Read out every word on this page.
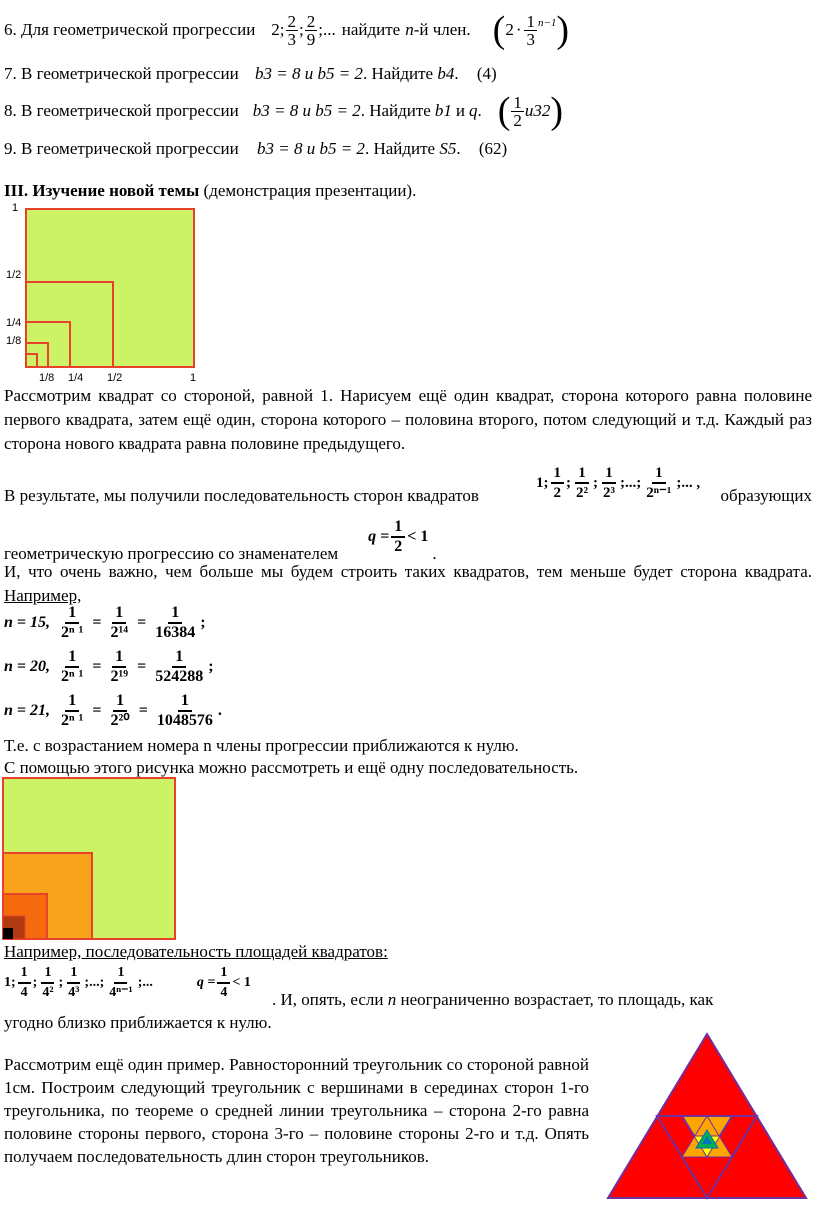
6. Для геометрической прогрессии 2; $\frac{2}{3}$ ; $\frac{2}{9}$ ;... найдите n -й член. ( $2 \cdot \frac{1}{3}^{n-1}$ )
7. В геометрической прогрессии b3 = 8 и b5 = 2. Найдите b4. (4)
8. В геометрической прогрессии b3 = 8 и b5 = 2 . Найдите b1 и q . ( $\frac{1}{2} и32$ )
9. В геометрической прогрессии b3 = 8 и b5 = 2. Найдите S5. (62)
III. Изучение новой темы (демонстрация презентации).
1
1/2
1/4
1/8
1/8 1/4 1/2	1
Рассмотрим квадрат со стороной, равной 1. Нарисуем ещё один квадрат, сторона которого равна половине первого квадрата, затем ещё один, сторона которого – половина второго, потом следующий и т.д. Каждый раз сторона нового квадрата равна половине предыдущего.
В результате, мы получили последовательность сторон квадратов
1; $\frac{1}{2}$ ; $\frac{1}{\text{2²}}$ ; $\frac{1}{\text{2³}}$ ;...; $\frac{1}{\text{2ⁿ⁻¹}}$ ;... ,
образующих
геометрическую прогрессию со знаменателем
$q = \frac{1}{2} < 1$
.
И, что очень важно, чем больше мы будем строить таких квадратов, тем меньше будет сторона квадрата. Например,
n = 15, $\frac{1}{\text{2ⁿ ¹}} = \frac{1}{\text{2¹⁴}} = \frac{1}{16384}$ ;
n = 20, $\frac{1}{\text{2ⁿ ¹}} = \frac{1}{\text{2¹⁹}} = \frac{1}{524288}$ ;
n = 21, $\frac{1}{\text{2ⁿ ¹}} = \frac{1}{\text{2²⁰}} = \frac{1}{1048576}$ .
Т.е. с возрастанием номера n члены прогрессии приближаются к нулю.
С помощью этого рисунка можно рассмотреть и ещё одну последовательность.
Например, последовательность площадей квадратов:
1; $\frac{1}{4}$ ; $\frac{1}{\text{4²}}$ ; $\frac{1}{\text{4³}}$ ;...; $\frac{1}{\text{4ⁿ⁻¹}}$ ;...	$q = \frac{1}{4} < 1$
. И, опять, если n неограниченно возрастает, то площадь, как
угодно близко приближается к нулю.
Рассмотрим ещё один пример. Равносторонний треугольник со стороной равной 1см. Построим следующий треугольник с вершинами в серединах сторон 1-го треугольника, по теореме о средней линии треугольника – сторона 2-го равна половине стороны первого, сторона 3-го – половине стороны 2-го и т.д. Опять получаем последовательность длин сторон треугольников.
